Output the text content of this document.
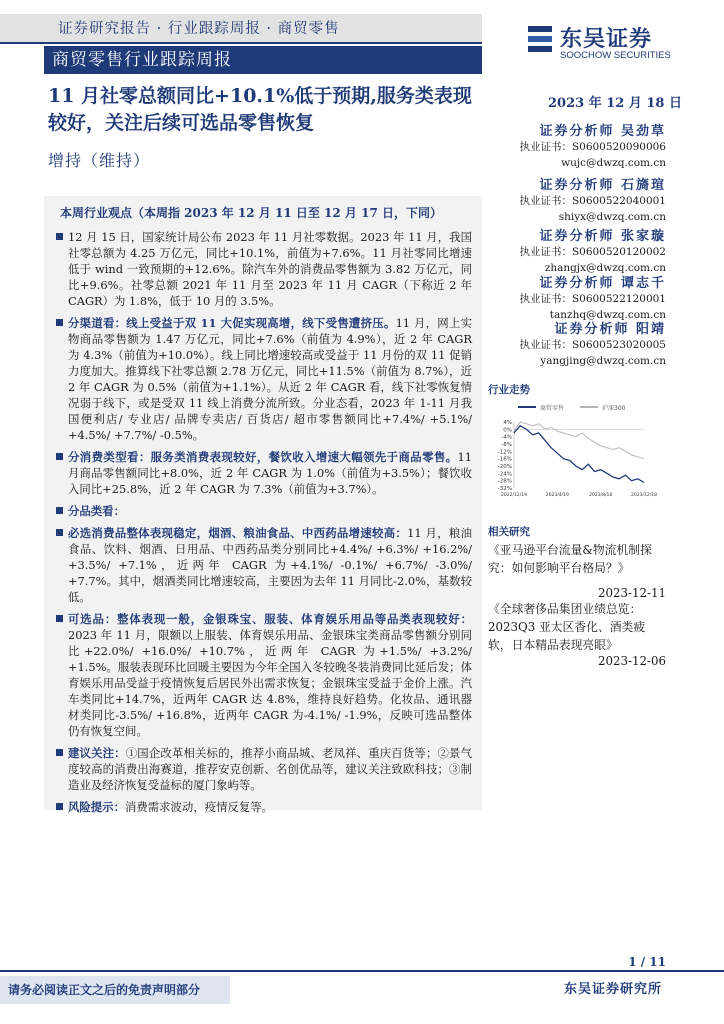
证券研究报告 · 行业跟踪周报 · 商贸零售
商贸零售行业跟踪周报
东吴证券
SOOCHOW SECURITIES
11 月社零总额同比+10.1%低于预期,服务类表现较好，关注后续可选品零售恢复
增持（维持）
2023 年 12 月 18 日
证券分析师 吴劲草
执业证书：S0600520090006
wujc@dwzq.com.cn
证券分析师 石旖瑄
执业证书：S0600522040001
shiyx@dwzq.com.cn
证券分析师 张家璇
执业证书：S0600520120002
zhangjx@dwzq.com.cn
证券分析师 谭志千
执业证书：S0600522120001
tanzhq@dwzq.com.cn
证券分析师 阳靖
执业证书：S0600523020005
yangjing@dwzq.com.cn
本周行业观点（本周指 2023 年 12 月 11 日至 12 月 17 日，下同）
12 月 15 日，国家统计局公布 2023 年 11 月社零数据。2023 年 11 月，我国社零总额为 4.25 万亿元，同比+10.1%，前值为+7.6%。11 月社零同比增速低于 wind 一致预期的+12.6%。除汽车外的消费品零售额为 3.82 万亿元，同比+9.6%。社零总额 2021 年 11 月至 2023 年 11 月 CAGR（下称近 2 年 CAGR）为 1.8%，低于 10 月的 3.5%。
分渠道看：线上受益于双 11 大促实现高增，线下受售遭挤压。11 月，网上实物商品零售额为 1.47 万亿元，同比+7.6%（前值为 4.9%），近 2 年 CAGR 为 4.3%（前值为+10.0%）。线上同比增速较高或受益于 11 月份的双 11 促销力度加大。推算线下社零总额 2.78 万亿元，同比+11.5%（前值为 8.7%），近 2 年 CAGR 为 0.5%（前值为+1.1%）。从近 2 年 CAGR 看，线下社零恢复情况弱于线下，或是受双 11 线上消费分流所致。分业态看，2023 年 1-11 月我国便利店/ 专业店/ 品牌专卖店/ 百货店/ 超市零售额同比+7.4%/ +5.1%/ +4.5%/ +7.7%/ -0.5%。
分消费类型看：服务类消费表现较好，餐饮收入增速大幅领先于商品零售。11 月商品零售额同比+8.0%，近 2 年 CAGR 为 1.0%（前值为+3.5%）；餐饮收入同比+25.8%，近 2 年 CAGR 为 7.3%（前值为+3.7%）。
分品类看：
必选消费品整体表现稳定，烟酒、粮油食品、中西药品增速较高：11 月，粮油食品、饮料、烟酒、日用品、中西药品类分别同比+4.4%/ +6.3%/ +16.2%/ +3.5%/ +7.1%，近两年 CAGR 为+4.1%/ -0.1%/ +6.7%/ -3.0%/ +7.7%。其中，烟酒类同比增速较高，主要因为去年 11 月同比-2.0%，基数较低。
可选品：整体表现一般，金银珠宝、服装、体育娱乐用品等品类表现较好：2023 年 11 月，限额以上服装、体育娱乐用品、金银珠宝类商品零售额分别同比+22.0%/ +16.0%/ +10.7%，近两年 CAGR 为+1.5%/ +3.2%/ +1.5%。服装表现环比回暖主要因为今年全国入冬较晚冬装消费同比延后发；体育娱乐用品受益于疫情恢复后居民外出需求恢复；金银珠宝受益于金价上涨。汽车类同比+14.7%，近两年 CAGR 达 4.8%，维持良好趋势。化妆品、通讯器材类同比-3.5%/ +16.8%，近两年 CAGR 为-4.1%/ -1.9%，反映可选品整体仍有恢复空间。
建议关注：①国企改革相关标的，推荐小商品城、老凤祥、重庆百货等；②景气度较高的消费出海赛道，推荐安克创新、名创优品等，建议关注致欧科技；③制造业及经济恢复受益标的厦门象屿等。
风险提示：消费需求波动，疫情反复等。
行业走势
商贸零售	沪深300
4%
0%
-4%
-8%
-12%
-16%
-20%
-24%
-28%
-32%
2022/12/19	2023/4/19	2023/8/18	2023/12/18
相关研究
《亚马逊平台流量&物流机制探究：如何影响平台格局？》
2023-12-11
《全球奢侈品集团业绩总览：2023Q3 亚太区香化、酒类疲软，日本精品表现亮眼》
2023-12-06
1 / 11
请务必阅读正文之后的免责声明部分	东吴证券研究所
